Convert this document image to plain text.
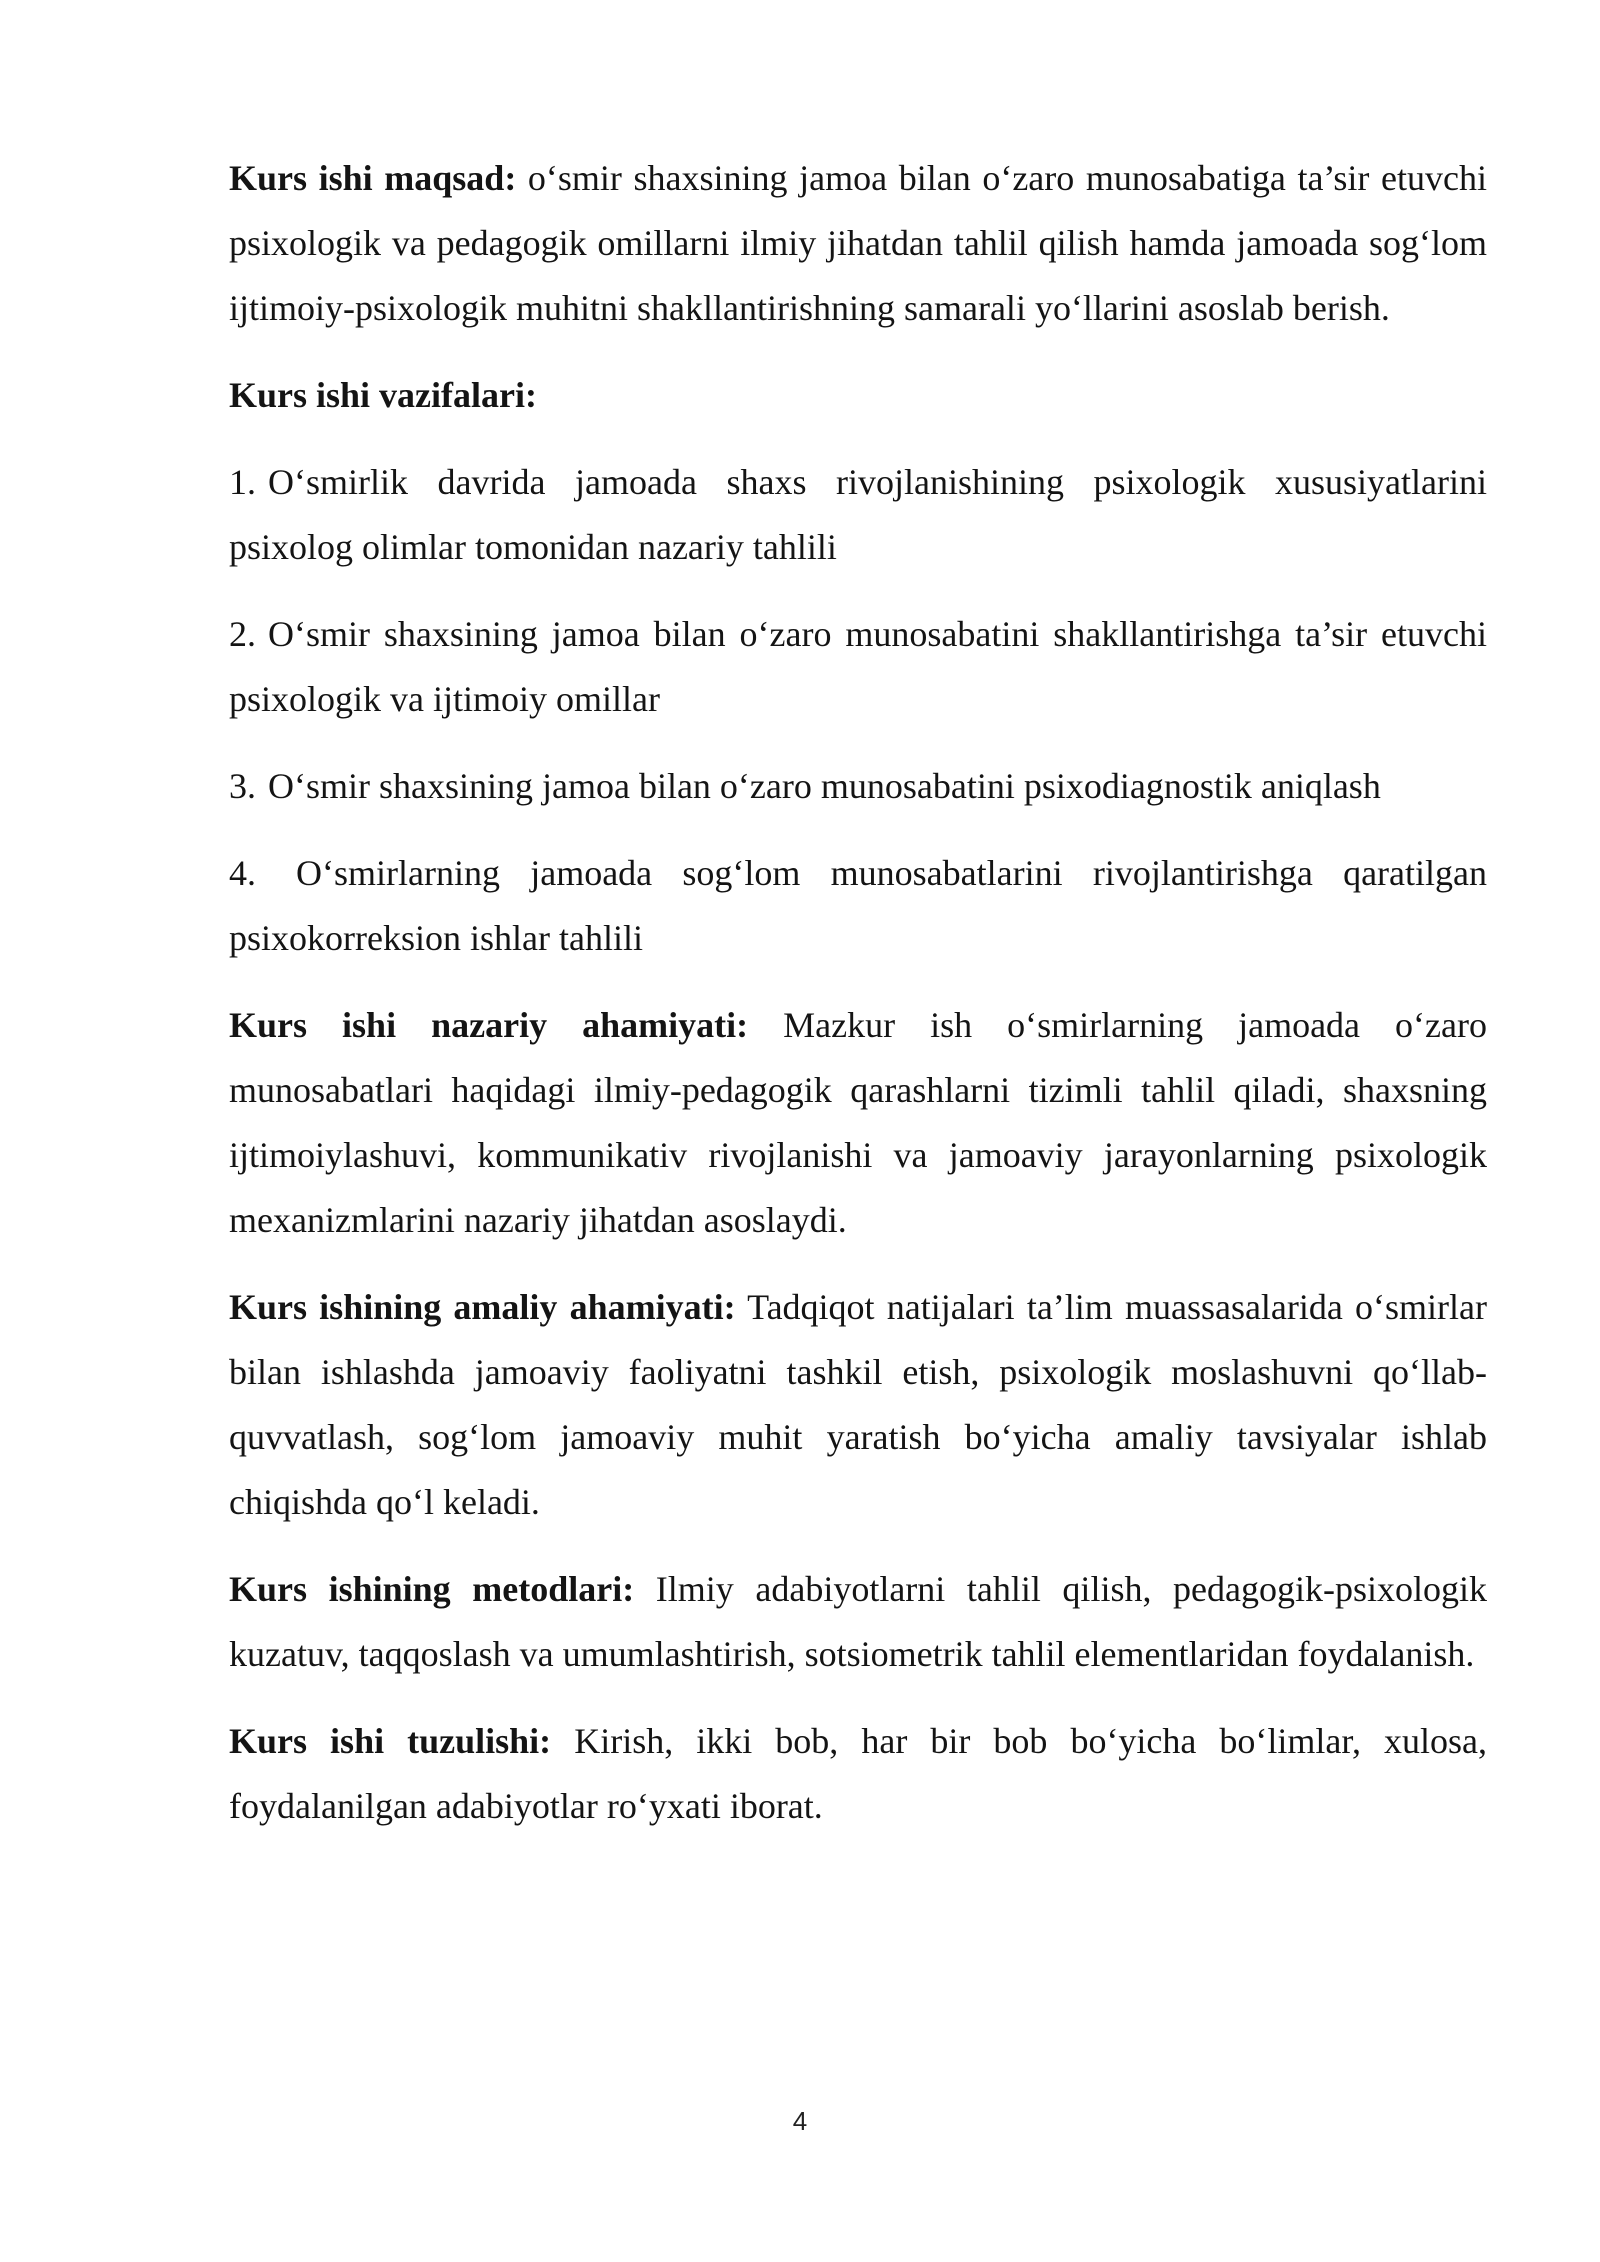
Kurs ishi maqsad: o‘smir shaxsining jamoa bilan o‘zaro munosabatiga ta’sir etuvchi psixologik va pedagogik omillarni ilmiy jihatdan tahlil qilish hamda jamoada sog‘lom ijtimoiy-psixologik muhitni shakllantirishning samarali yo‘llarini asoslab berish.

Kurs ishi vazifalari:

1. O‘smirlik davrida jamoada shaxs rivojlanishining psixologik xususiyatlarini psixolog olimlar tomonidan nazariy tahlili

2. O‘smir shaxsining jamoa bilan o‘zaro munosabatini shakllantirishga ta’sir etuvchi psixologik va ijtimoiy omillar

3. O‘smir shaxsining jamoa bilan o‘zaro munosabatini psixodiagnostik aniqlash

4. O‘smirlarning jamoada sog‘lom munosabatlarini rivojlantirishga qaratilgan psixokorreksion ishlar tahlili

Kurs ishi nazariy ahamiyati: Mazkur ish o‘smirlarning jamoada o‘zaro munosabatlari haqidagi ilmiy-pedagogik qarashlarni tizimli tahlil qiladi, shaxsning ijtimoiylashuvi, kommunikativ rivojlanishi va jamoaviy jarayonlarning psixologik mexanizmlarini nazariy jihatdan asoslaydi.

Kurs ishining amaliy ahamiyati: Tadqiqot natijalari ta’lim muassasalarida o‘smirlar bilan ishlashda jamoaviy faoliyatni tashkil etish, psixologik moslashuvni qo‘llab-quvvatlash, sog‘lom jamoaviy muhit yaratish bo‘yicha amaliy tavsiyalar ishlab chiqishda qo‘l keladi.

Kurs ishining metodlari: Ilmiy adabiyotlarni tahlil qilish, pedagogik-psixologik kuzatuv, taqqoslash va umumlashtirish, sotsiometrik tahlil elementlaridan foydalanish.

Kurs ishi tuzulishi: Kirish, ikki bob, har bir bob bo‘yicha bo‘limlar, xulosa, foydalanilgan adabiyotlar ro‘yxati iborat.

4
